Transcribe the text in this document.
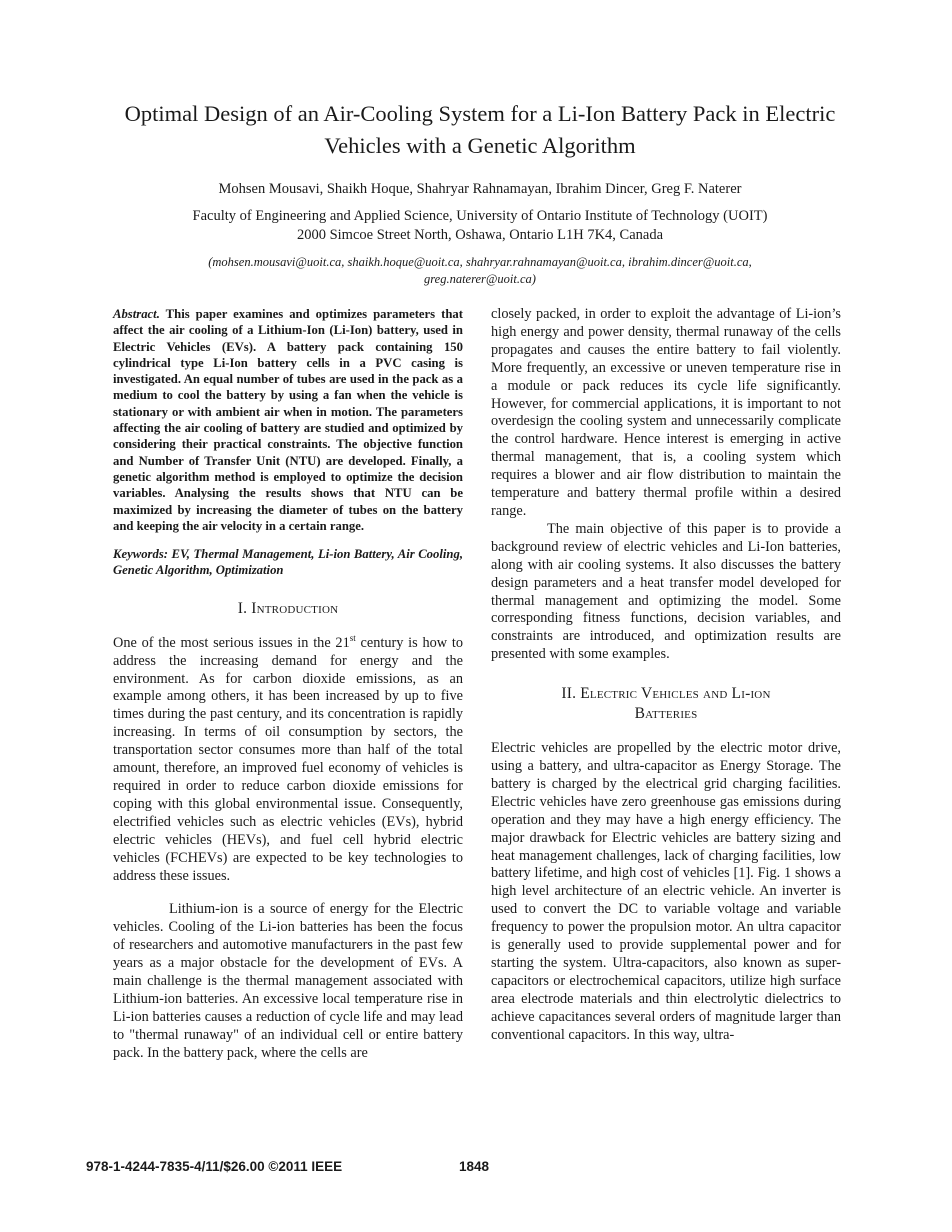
Optimal Design of an Air-Cooling System for a Li-Ion Battery Pack in Electric Vehicles with a Genetic Algorithm
Mohsen Mousavi, Shaikh Hoque, Shahryar Rahnamayan, Ibrahim Dincer, Greg F. Naterer
Faculty of Engineering and Applied Science, University of Ontario Institute of Technology (UOIT)
2000 Simcoe Street North, Oshawa, Ontario L1H 7K4, Canada
(mohsen.mousavi@uoit.ca, shaikh.hoque@uoit.ca, shahryar.rahnamayan@uoit.ca, ibrahim.dincer@uoit.ca, greg.naterer@uoit.ca)

Abstract. This paper examines and optimizes parameters that affect the air cooling of a Lithium-Ion (Li-Ion) battery, used in Electric Vehicles (EVs). A battery pack containing 150 cylindrical type Li-Ion battery cells in a PVC casing is investigated. An equal number of tubes are used in the pack as a medium to cool the battery by using a fan when the vehicle is stationary or with ambient air when in motion. The parameters affecting the air cooling of battery are studied and optimized by considering their practical constraints. The objective function and Number of Transfer Unit (NTU) are developed. Finally, a genetic algorithm method is employed to optimize the decision variables. Analysing the results shows that NTU can be maximized by increasing the diameter of tubes on the battery and keeping the air velocity in a certain range.

Keywords: EV, Thermal Management, Li-ion Battery, Air Cooling, Genetic Algorithm, Optimization

I. Introduction

One of the most serious issues in the 21st century is how to address the increasing demand for energy and the environment. As for carbon dioxide emissions, as an example among others, it has been increased by up to five times during the past century, and its concentration is rapidly increasing. In terms of oil consumption by sectors, the transportation sector consumes more than half of the total amount, therefore, an improved fuel economy of vehicles is required in order to reduce carbon dioxide emissions for coping with this global environmental issue. Consequently, electrified vehicles such as electric vehicles (EVs), hybrid electric vehicles (HEVs), and fuel cell hybrid electric vehicles (FCHEVs) are expected to be key technologies to address these issues.

Lithium-ion is a source of energy for the Electric vehicles. Cooling of the Li-ion batteries has been the focus of researchers and automotive manufacturers in the past few years as a major obstacle for the development of EVs. A main challenge is the thermal management associated with Lithium-ion batteries. An excessive local temperature rise in Li-ion batteries causes a reduction of cycle life and may lead to "thermal runaway" of an individual cell or entire battery pack. In the battery pack, where the cells are

closely packed, in order to exploit the advantage of Li-ion’s high energy and power density, thermal runaway of the cells propagates and causes the entire battery to fail violently. More frequently, an excessive or uneven temperature rise in a module or pack reduces its cycle life significantly. However, for commercial applications, it is important to not overdesign the cooling system and unnecessarily complicate the control hardware. Hence interest is emerging in active thermal management, that is, a cooling system which requires a blower and air flow distribution to maintain the temperature and battery thermal profile within a desired range.

The main objective of this paper is to provide a background review of electric vehicles and Li-Ion batteries, along with air cooling systems. It also discusses the battery design parameters and a heat transfer model developed for thermal management and optimizing the model. Some corresponding fitness functions, decision variables, and constraints are introduced, and optimization results are presented with some examples.

II. Electric Vehicles and Li-ion
Batteries

Electric vehicles are propelled by the electric motor drive, using a battery, and ultra-capacitor as Energy Storage. The battery is charged by the electrical grid charging facilities. Electric vehicles have zero greenhouse gas emissions during operation and they may have a high energy efficiency. The major drawback for Electric vehicles are battery sizing and heat management challenges, lack of charging facilities, low battery lifetime, and high cost of vehicles [1]. Fig. 1 shows a high level architecture of an electric vehicle. An inverter is used to convert the DC to variable voltage and variable frequency to power the propulsion motor. An ultra capacitor is generally used to provide supplemental power and for starting the system. Ultra-capacitors, also known as super-capacitors or electrochemical capacitors, utilize high surface area electrode materials and thin electrolytic dielectrics to achieve capacitances several orders of magnitude larger than conventional capacitors. In this way, ultra-

978-1-4244-7835-4/11/$26.00 ©2011 IEEE	1848
